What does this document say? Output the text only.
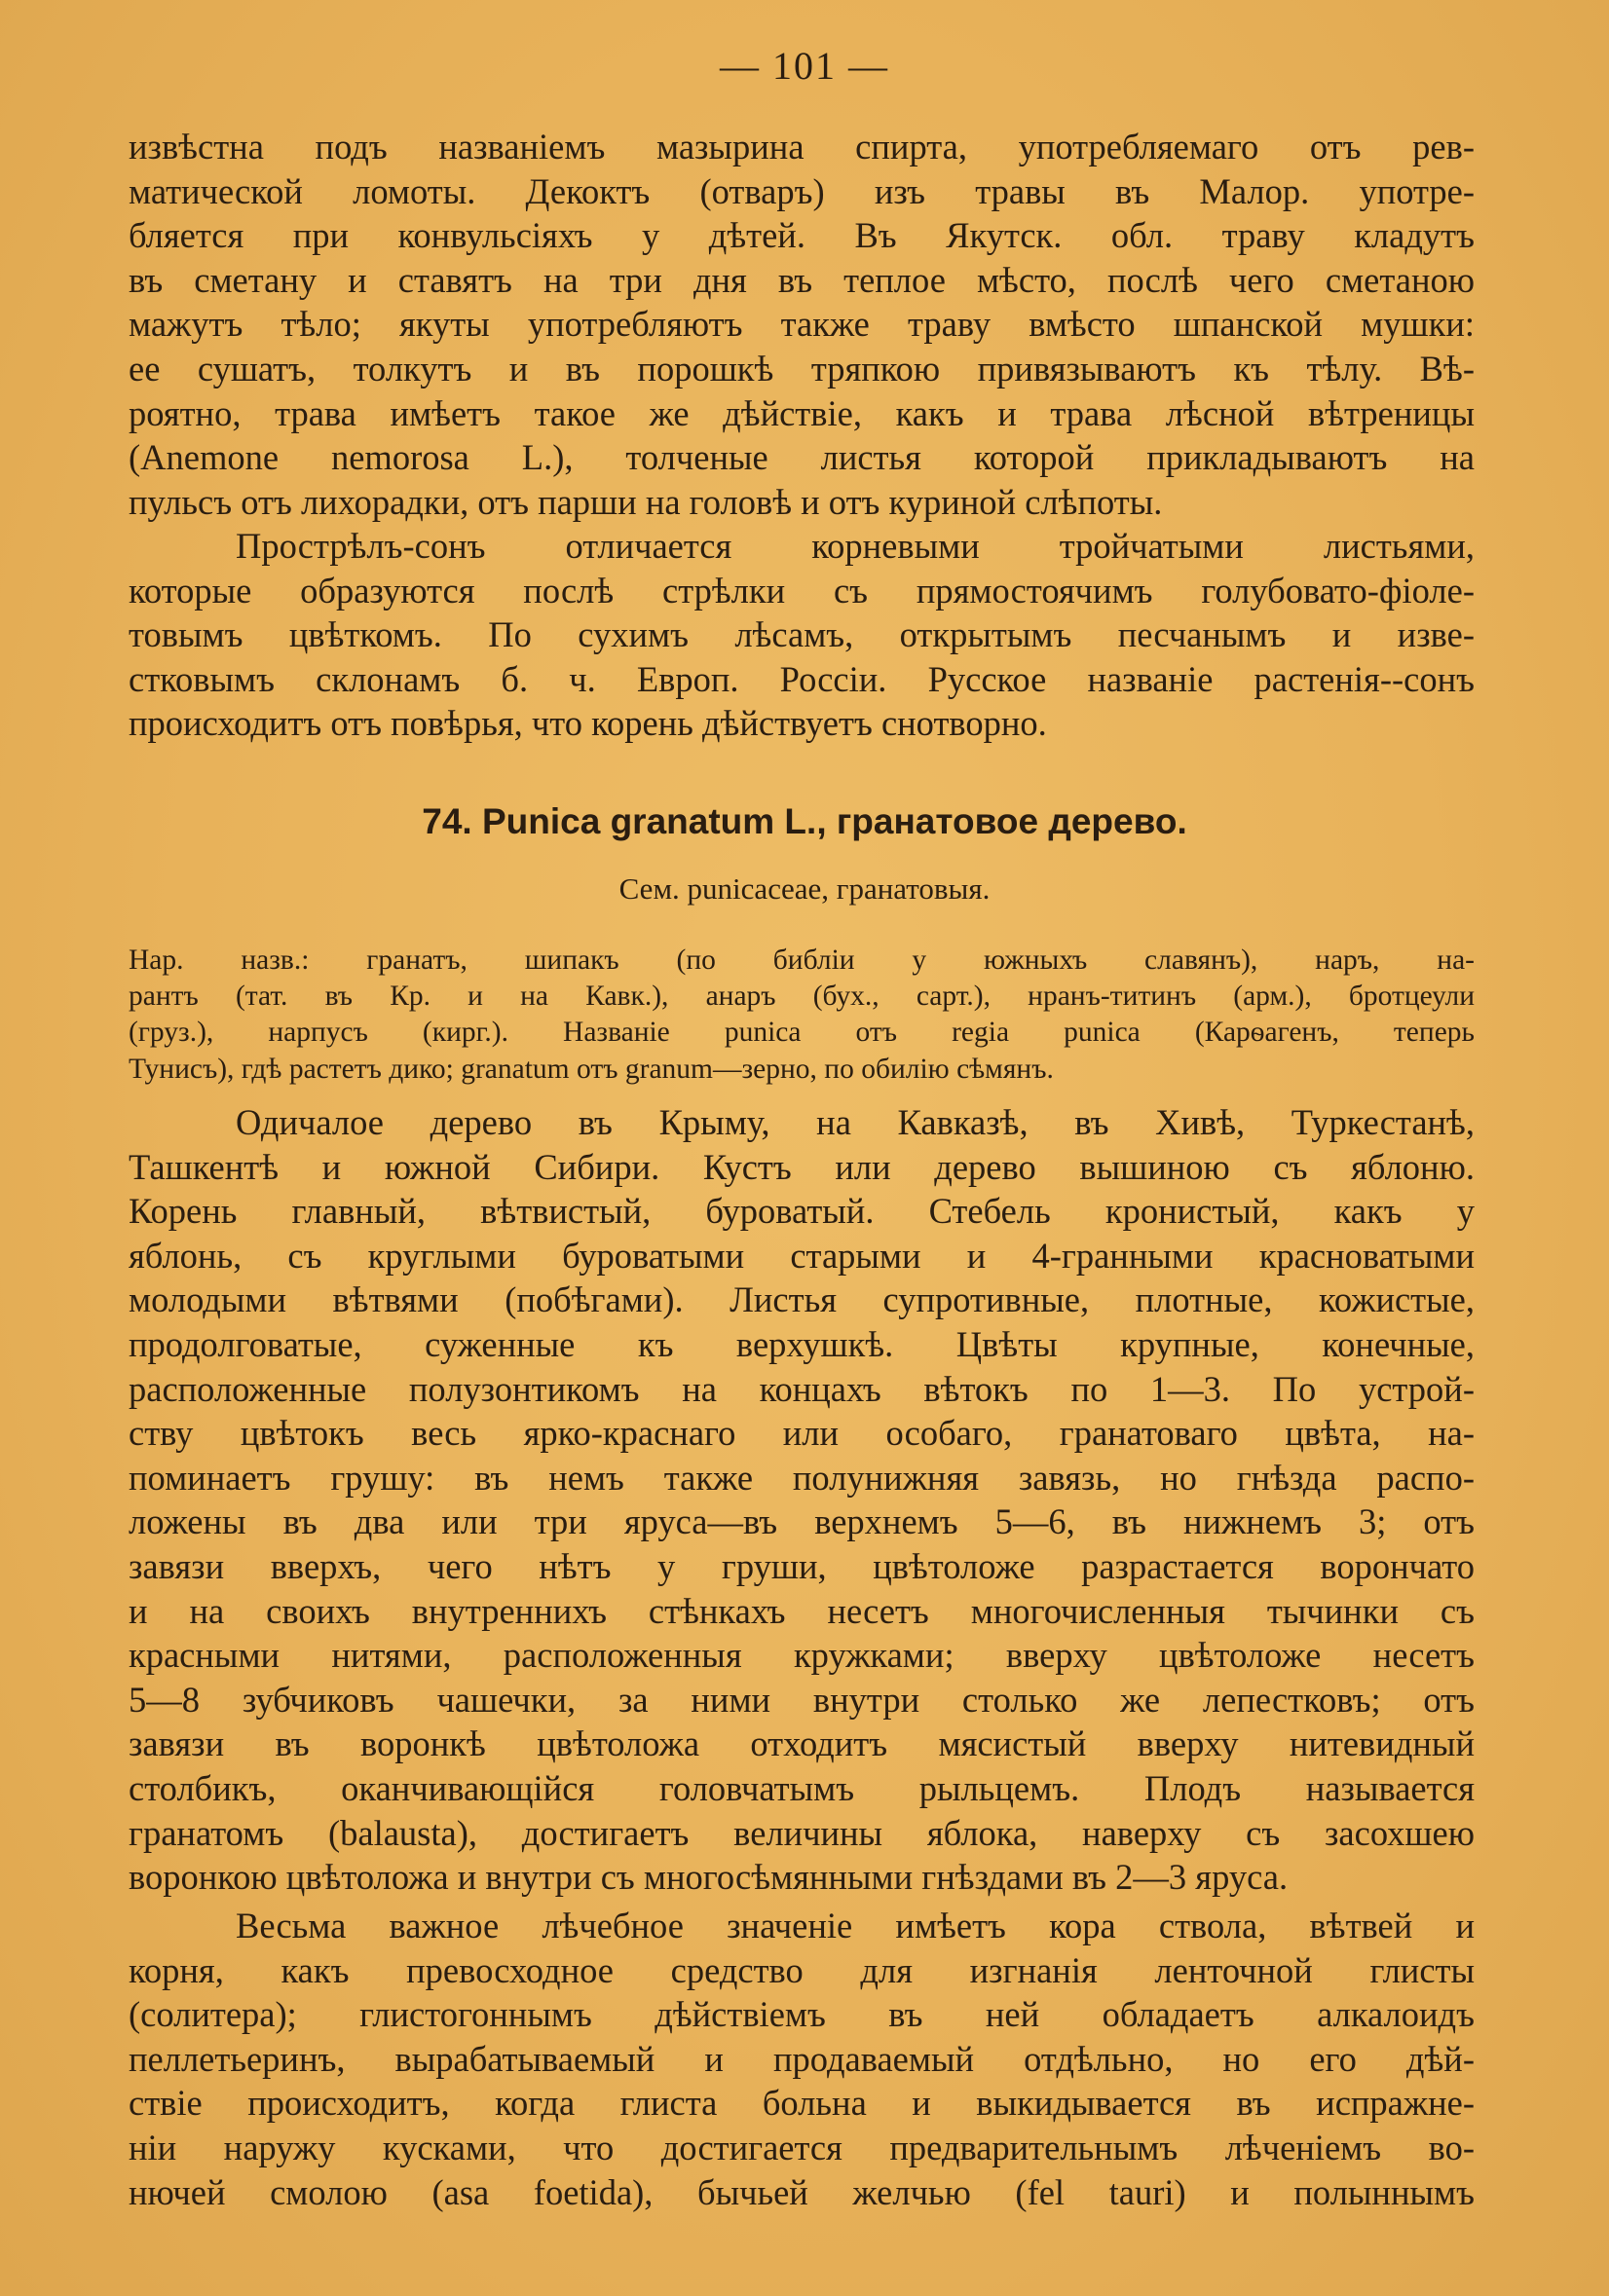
— 101 —
извѣстна подъ названіемъ мазырина спирта, употребляемаго отъ рев-
матической ломоты. Декоктъ (отваръ) изъ травы въ Малор. употре-
бляется при конвульсіяхъ у дѣтей. Въ Якутск. обл. траву кладутъ
въ сметану и ставятъ на три дня въ теплое мѣсто, послѣ чего сметаною
мажутъ тѣло; якуты употребляютъ также траву вмѣсто шпанской мушки:
ее сушатъ, толкутъ и въ порошкѣ тряпкою привязываютъ къ тѣлу. Вѣ-
роятно, трава имѣетъ такое же дѣйствіе, какъ и трава лѣсной вѣтреницы
(Anemone nemorosa L.), толченые листья которой прикладываютъ на
пульсъ отъ лихорадки, отъ парши на головѣ и отъ куриной слѣпоты.
Прострѣлъ-сонъ отличается корневыми тройчатыми листьями,
которые образуются послѣ стрѣлки съ прямостоячимъ голубовато-фіоле-
товымъ цвѣткомъ. По сухимъ лѣсамъ, открытымъ песчанымъ и изве-
стковымъ склонамъ б. ч. Европ. Россіи. Русское названіе растенія--сонъ
происходитъ отъ повѣрья, что корень дѣйствуетъ снотворно.
74. Punica granatum L., гранатовое дерево.
Сем. punicaceae, гранатовыя.
Нар. назв.: гранатъ, шипакъ (по библіи у южныхъ славянъ), наръ, на-
рантъ (тат. въ Кр. и на Кавк.), анаръ (бух., сарт.), нранъ-титинъ (арм.), бротцеули
(груз.), нарпусъ (кирг.). Названіе punica отъ regia punica (Карѳагенъ, теперь
Тунисъ), гдѣ растетъ дико; granatum отъ granum—зерно, по обилію сѣмянъ.
Одичалое дерево въ Крыму, на Кавказѣ, въ Хивѣ, Туркестанѣ,
Ташкентѣ и южной Сибири. Кустъ или дерево вышиною съ яблоню.
Корень главный, вѣтвистый, буроватый. Стебель кронистый, какъ у
яблонь, съ круглыми буроватыми старыми и 4-гранными красноватыми
молодыми вѣтвями (побѣгами). Листья супротивные, плотные, кожистые,
продолговатые, суженные къ верхушкѣ. Цвѣты крупные, конечные,
расположенные полузонтикомъ на концахъ вѣтокъ по 1—3. По устрой-
ству цвѣтокъ весь ярко-краснаго или особаго, гранатоваго цвѣта, на-
поминаетъ грушу: въ немъ также полунижняя завязь, но гнѣзда распо-
ложены въ два или три яруса—въ верхнемъ 5—6, въ нижнемъ 3; отъ
завязи вверхъ, чего нѣтъ у груши, цвѣтоложе разрастается ворончато
и на своихъ внутреннихъ стѣнкахъ несетъ многочисленныя тычинки съ
красными нитями, расположенныя кружками; вверху цвѣтоложе несетъ
5—8 зубчиковъ чашечки, за ними внутри столько же лепестковъ; отъ
завязи въ воронкѣ цвѣтоложа отходитъ мясистый вверху нитевидный
столбикъ, оканчивающійся головчатымъ рыльцемъ. Плодъ называется
гранатомъ (balausta), достигаетъ величины яблока, наверху съ засохшею
воронкою цвѣтоложа и внутри съ многосѣмянными гнѣздами въ 2—3 яруса.
Весьма важное лѣчебное значеніе имѣетъ кора ствола, вѣтвей и
корня, какъ превосходное средство для изгнанія ленточной глисты
(солитера); глистогоннымъ дѣйствіемъ въ ней обладаетъ алкалоидъ
пеллетьеринъ, вырабатываемый и продаваемый отдѣльно, но его дѣй-
ствіе происходитъ, когда глиста больна и выкидывается въ испражне-
ніи наружу кусками, что достигается предварительнымъ лѣченіемъ во-
нючей смолою (asa foetida), бычьей желчью (fel tauri) и полыннымъ
